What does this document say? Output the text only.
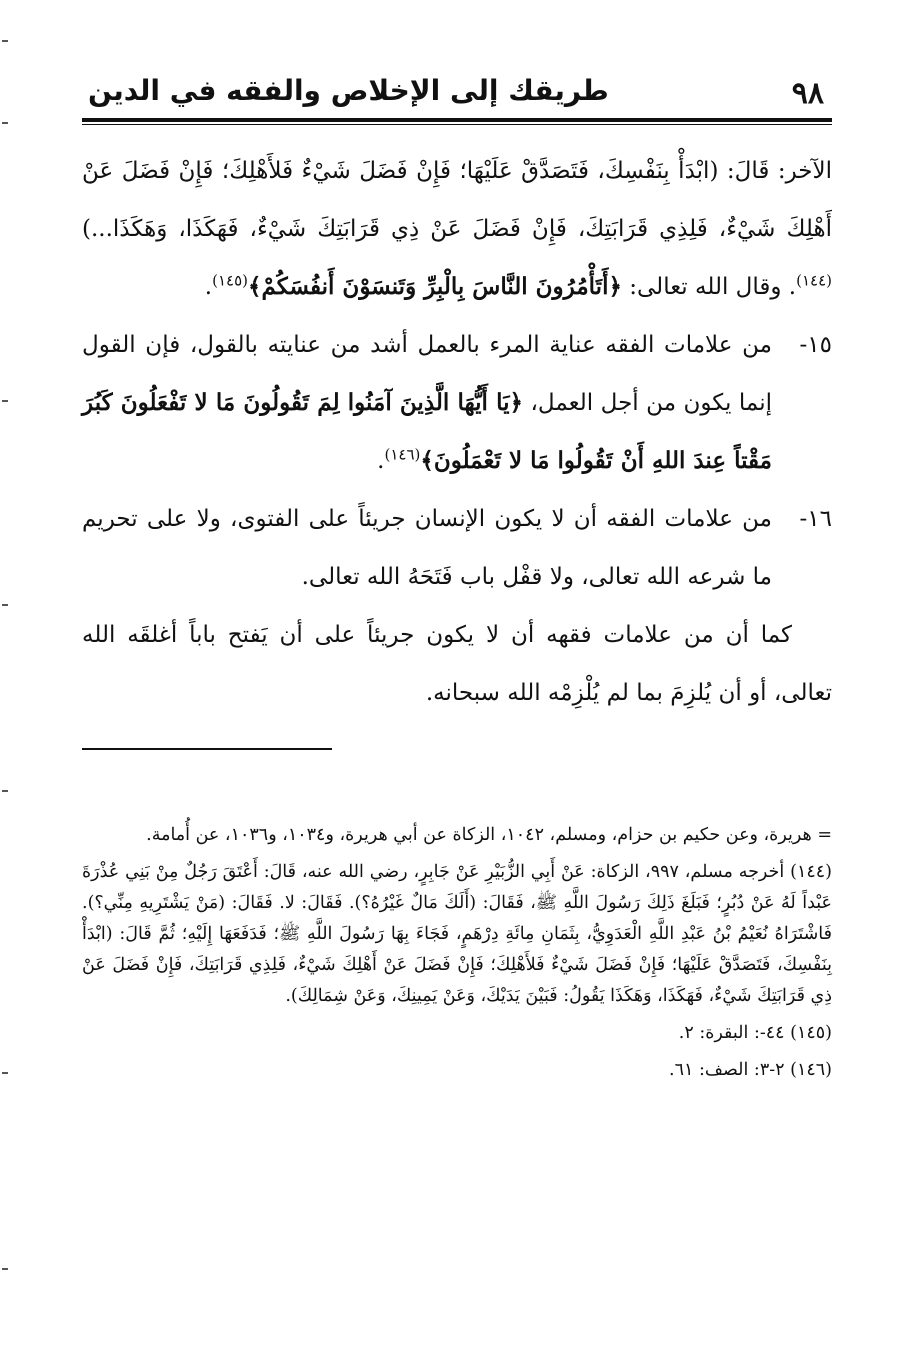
٩٨
طريقك إلى الإخلاص والفقه في الدين

الآخر: قَالَ: (ابْدَأْ بِنَفْسِكَ، فَتَصَدَّقْ عَلَيْهَا؛ فَإِنْ فَضَلَ شَيْءٌ فَلأَهْلِكَ؛ فَإِنْ فَضَلَ عَنْ أَهْلِكَ شَيْءٌ، فَلِذِي قَرَابَتِكَ، فَإِنْ فَضَلَ عَنْ ذِي قَرَابَتِكَ شَيْءٌ، فَهَكَذَا، وَهَكَذَا...)$^{(١٤٤)}$. وقال الله تعالى: ﴿أَتَأْمُرُونَ النَّاسَ بِالْبِرِّ وَتَنسَوْنَ أَنفُسَكُمْ﴾$^{(١٤٥)}$.

١٥-
من علامات الفقه عناية المرء بالعمل أشد من عنايته بالقول، فإن القول إنما يكون من أجل العمل، ﴿يَا أَيُّهَا الَّذِينَ آمَنُوا لِمَ تَقُولُونَ مَا لا تَفْعَلُونَ كَبُرَ مَقْتاً عِندَ اللهِ أَنْ تَقُولُوا مَا لا تَعْمَلُونَ﴾$^{(١٤٦)}$.
١٦-
من علامات الفقه أن لا يكون الإنسان جريئاً على الفتوى، ولا على تحريم ما شرعه الله تعالى، ولا قفْل باب فَتَحَهُ الله تعالى.

كما أن من علامات فقهه أن لا يكون جريئاً على أن يَفتح باباً أغلقَه الله تعالى، أو أن يُلزِمَ بما لم يُلْزِمْه الله سبحانه.

= هريرة، وعن حكيم بن حزام، ومسلم، ١٠٤٢، الزكاة عن أبي هريرة، و١٠٣٤، و١٠٣٦، عن أُمامة.

(١٤٤) أخرجه مسلم، ٩٩٧، الزكاة: عَنْ أَبِي الزُّبَيْرِ عَنْ جَابِرٍ، رضي الله عنه، قَالَ: أَعْتَقَ رَجُلٌ مِنْ بَنِي عُذْرَةَ عَبْداً لَهُ عَنْ دُبُرٍ؛ فَبَلَغَ ذَلِكَ رَسُولَ اللَّهِ ﷺ، فَقَالَ: (أَلَكَ مَالٌ غَيْرُهُ؟). فَقَالَ: لا. فَقَالَ: (مَنْ يَشْتَرِيهِ مِنِّي؟). فَاشْتَرَاهُ نُعَيْمُ بْنُ عَبْدِ اللَّهِ الْعَدَوِيُّ، بِثَمَانِ مِائَةِ دِرْهَمٍ، فَجَاءَ بِهَا رَسُولَ اللَّهِ ﷺ؛ فَدَفَعَهَا إِلَيْهِ؛ ثُمَّ قَالَ: (ابْدَأْ بِنَفْسِكَ، فَتَصَدَّقْ عَلَيْهَا؛ فَإِنْ فَضَلَ شَيْءٌ فَلأَهْلِكَ؛ فَإِنْ فَضَلَ عَنْ أَهْلِكَ شَيْءٌ، فَلِذِي قَرَابَتِكَ، فَإِنْ فَضَلَ عَنْ ذِي قَرَابَتِكَ شَيْءٌ، فَهَكَذَا، وَهَكَذَا يَقُولُ: فَبَيْنَ يَدَيْكَ، وَعَنْ يَمِينِكَ، وَعَنْ شِمَالِكَ).

(١٤٥) ٤٤-: البقرة: ٢.

(١٤٦) ٢-٣: الصف: ٦١.
